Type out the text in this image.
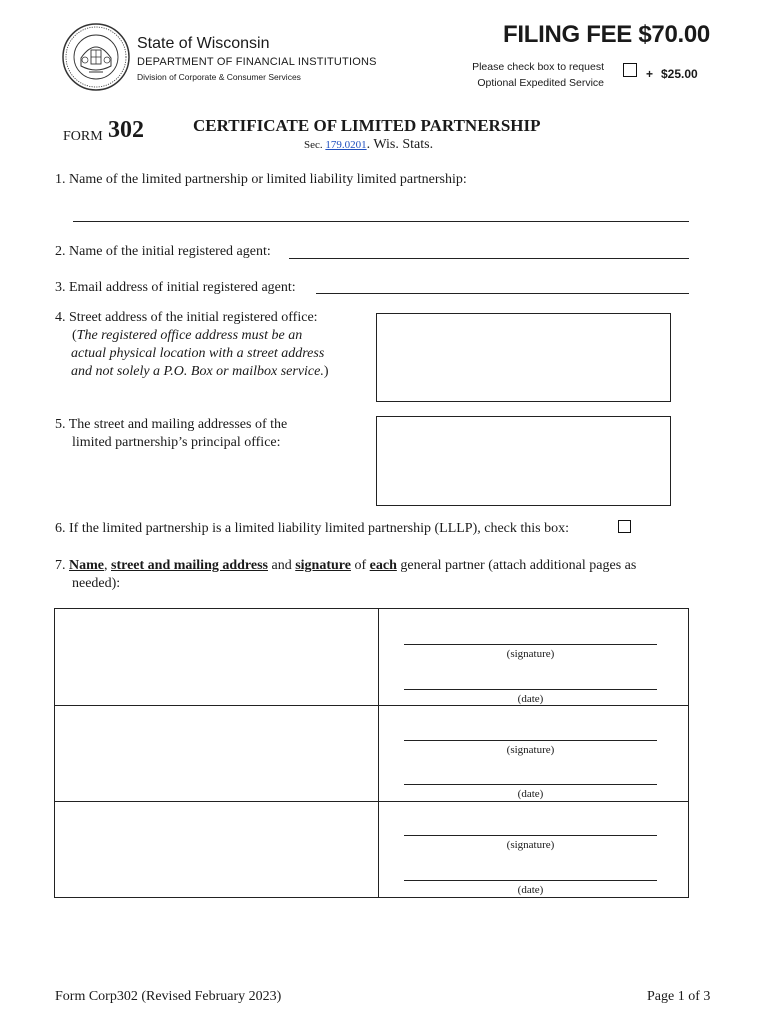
State of Wisconsin
DEPARTMENT OF FINANCIAL INSTITUTIONS
Division of Corporate & Consumer Services
FILING FEE $70.00
Please check box to request
Optional Expedited Service
+ $25.00
FORM 302	CERTIFICATE OF LIMITED PARTNERSHIP
Sec. 179.0201. Wis. Stats.
1. Name of the limited partnership or limited liability limited partnership:
2. Name of the initial registered agent:
3. Email address of initial registered agent:
4. Street address of the initial registered office:
(The registered office address must be an
actual physical location with a street address
and not solely a P.O. Box or mailbox service.)
5. The street and mailing addresses of the
limited partnership’s principal office:
6. If the limited partnership is a limited liability limited partnership (LLLP), check this box:
7. Name, street and mailing address and signature of each general partner (attach additional pages as
needed):
(signature)
(date)
(signature)
(date)
(signature)
(date)
Form Corp302 (Revised February 2023)	Page 1 of 3
